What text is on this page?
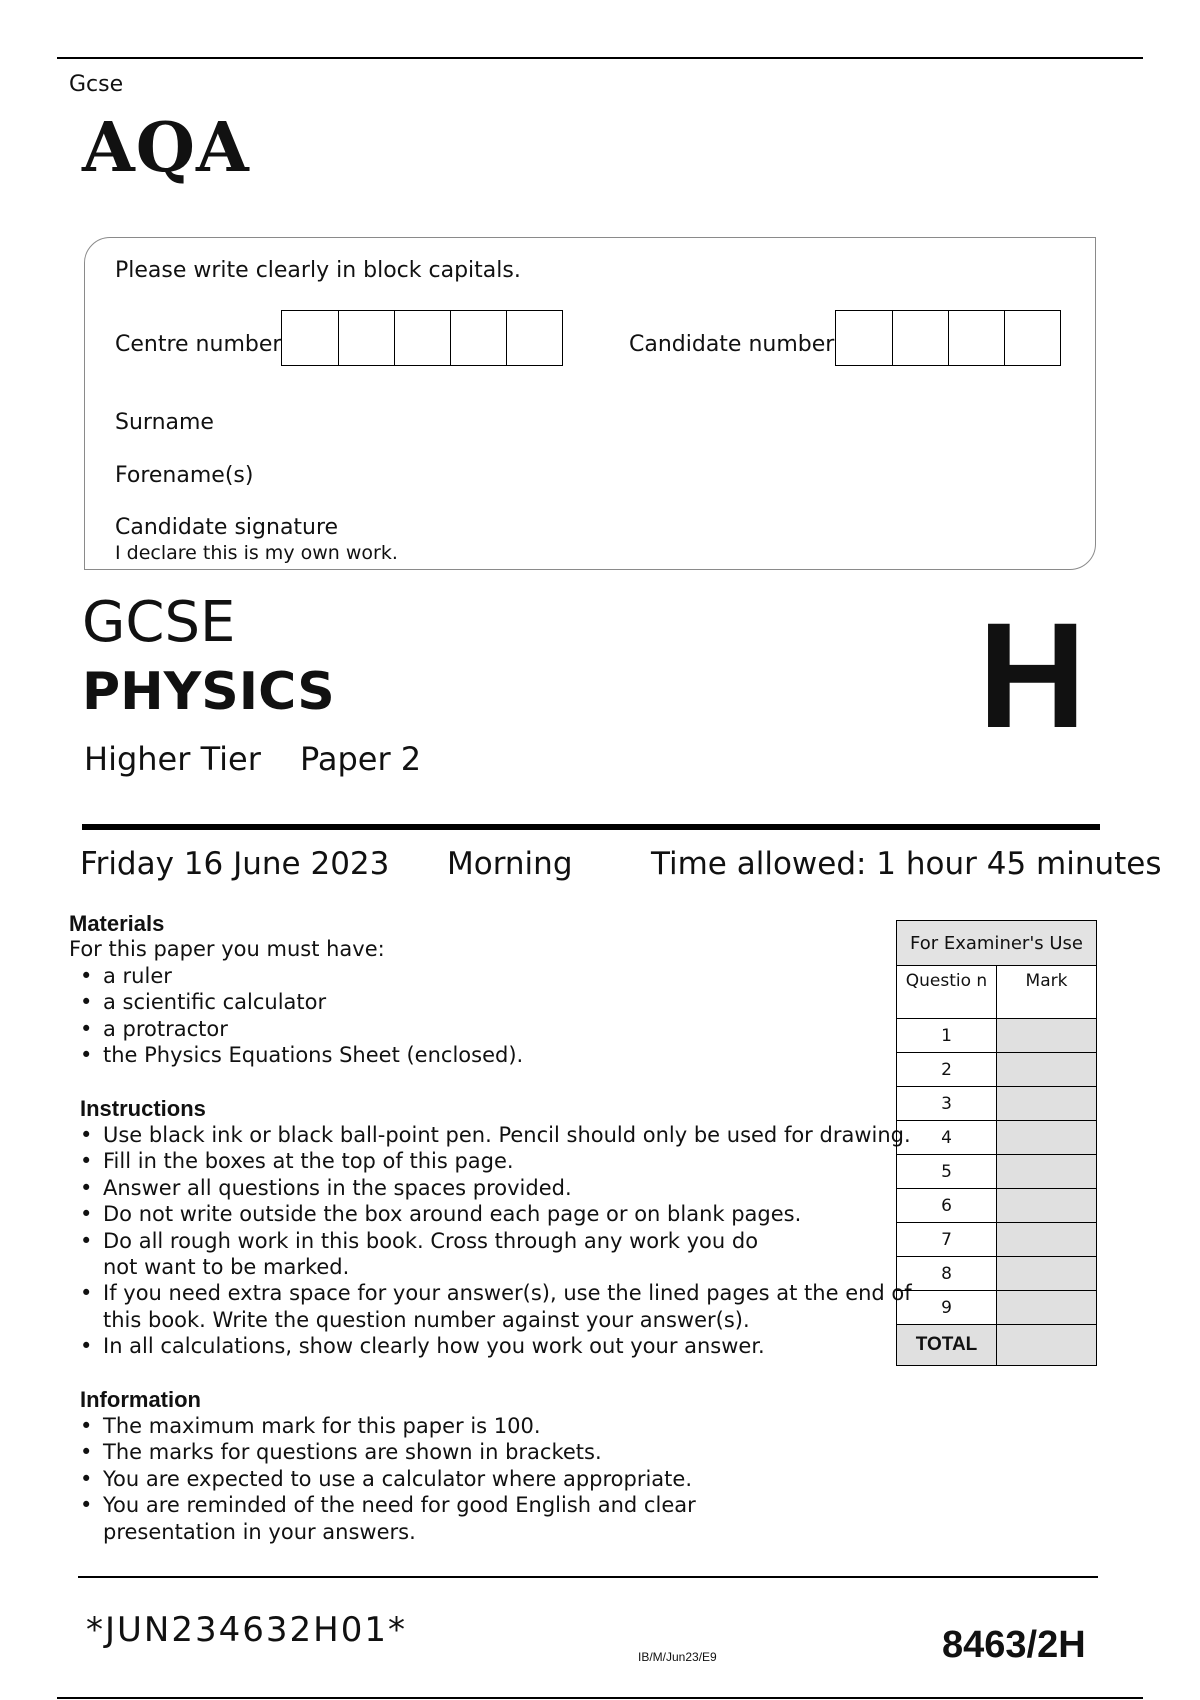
Gcse
AQA
Please write clearly in block capitals.
Centre number	Candidate number
Surname
Forename(s)
Candidate signature
I declare this is my own work.
GCSE
PHYSICS
Higher Tier Paper 2	H
Friday 16 June 2023 Morning	Time allowed: 1 hour 45 minutes
Materials
For this paper you must have:
• a ruler
• a scientific calculator
• a protractor
• the Physics Equations Sheet (enclosed).
Instructions
• Use black ink or black ball-point pen. Pencil should only be used for drawing.
• Fill in the boxes at the top of this page.
• Answer all questions in the spaces provided.
• Do not write outside the box around each page or on blank pages.
• Do all rough work in this book. Cross through any work you do
not want to be marked.
• If you need extra space for your answer(s), use the lined pages at the end of
this book. Write the question number against your answer(s).
• In all calculations, show clearly how you work out your answer.
Information
• The maximum mark for this paper is 100.
• The marks for questions are shown in brackets.
• You are expected to use a calculator where appropriate.
• You are reminded of the need for good English and clear
presentation in your answers.
For Examiner's Use	
Questio n	Mark
1	
2	
3	
4	
5	
6	
7	
8	
9	
TOTAL	
*JUN234632H01*
IB/M/Jun23/E9	8463/2H
